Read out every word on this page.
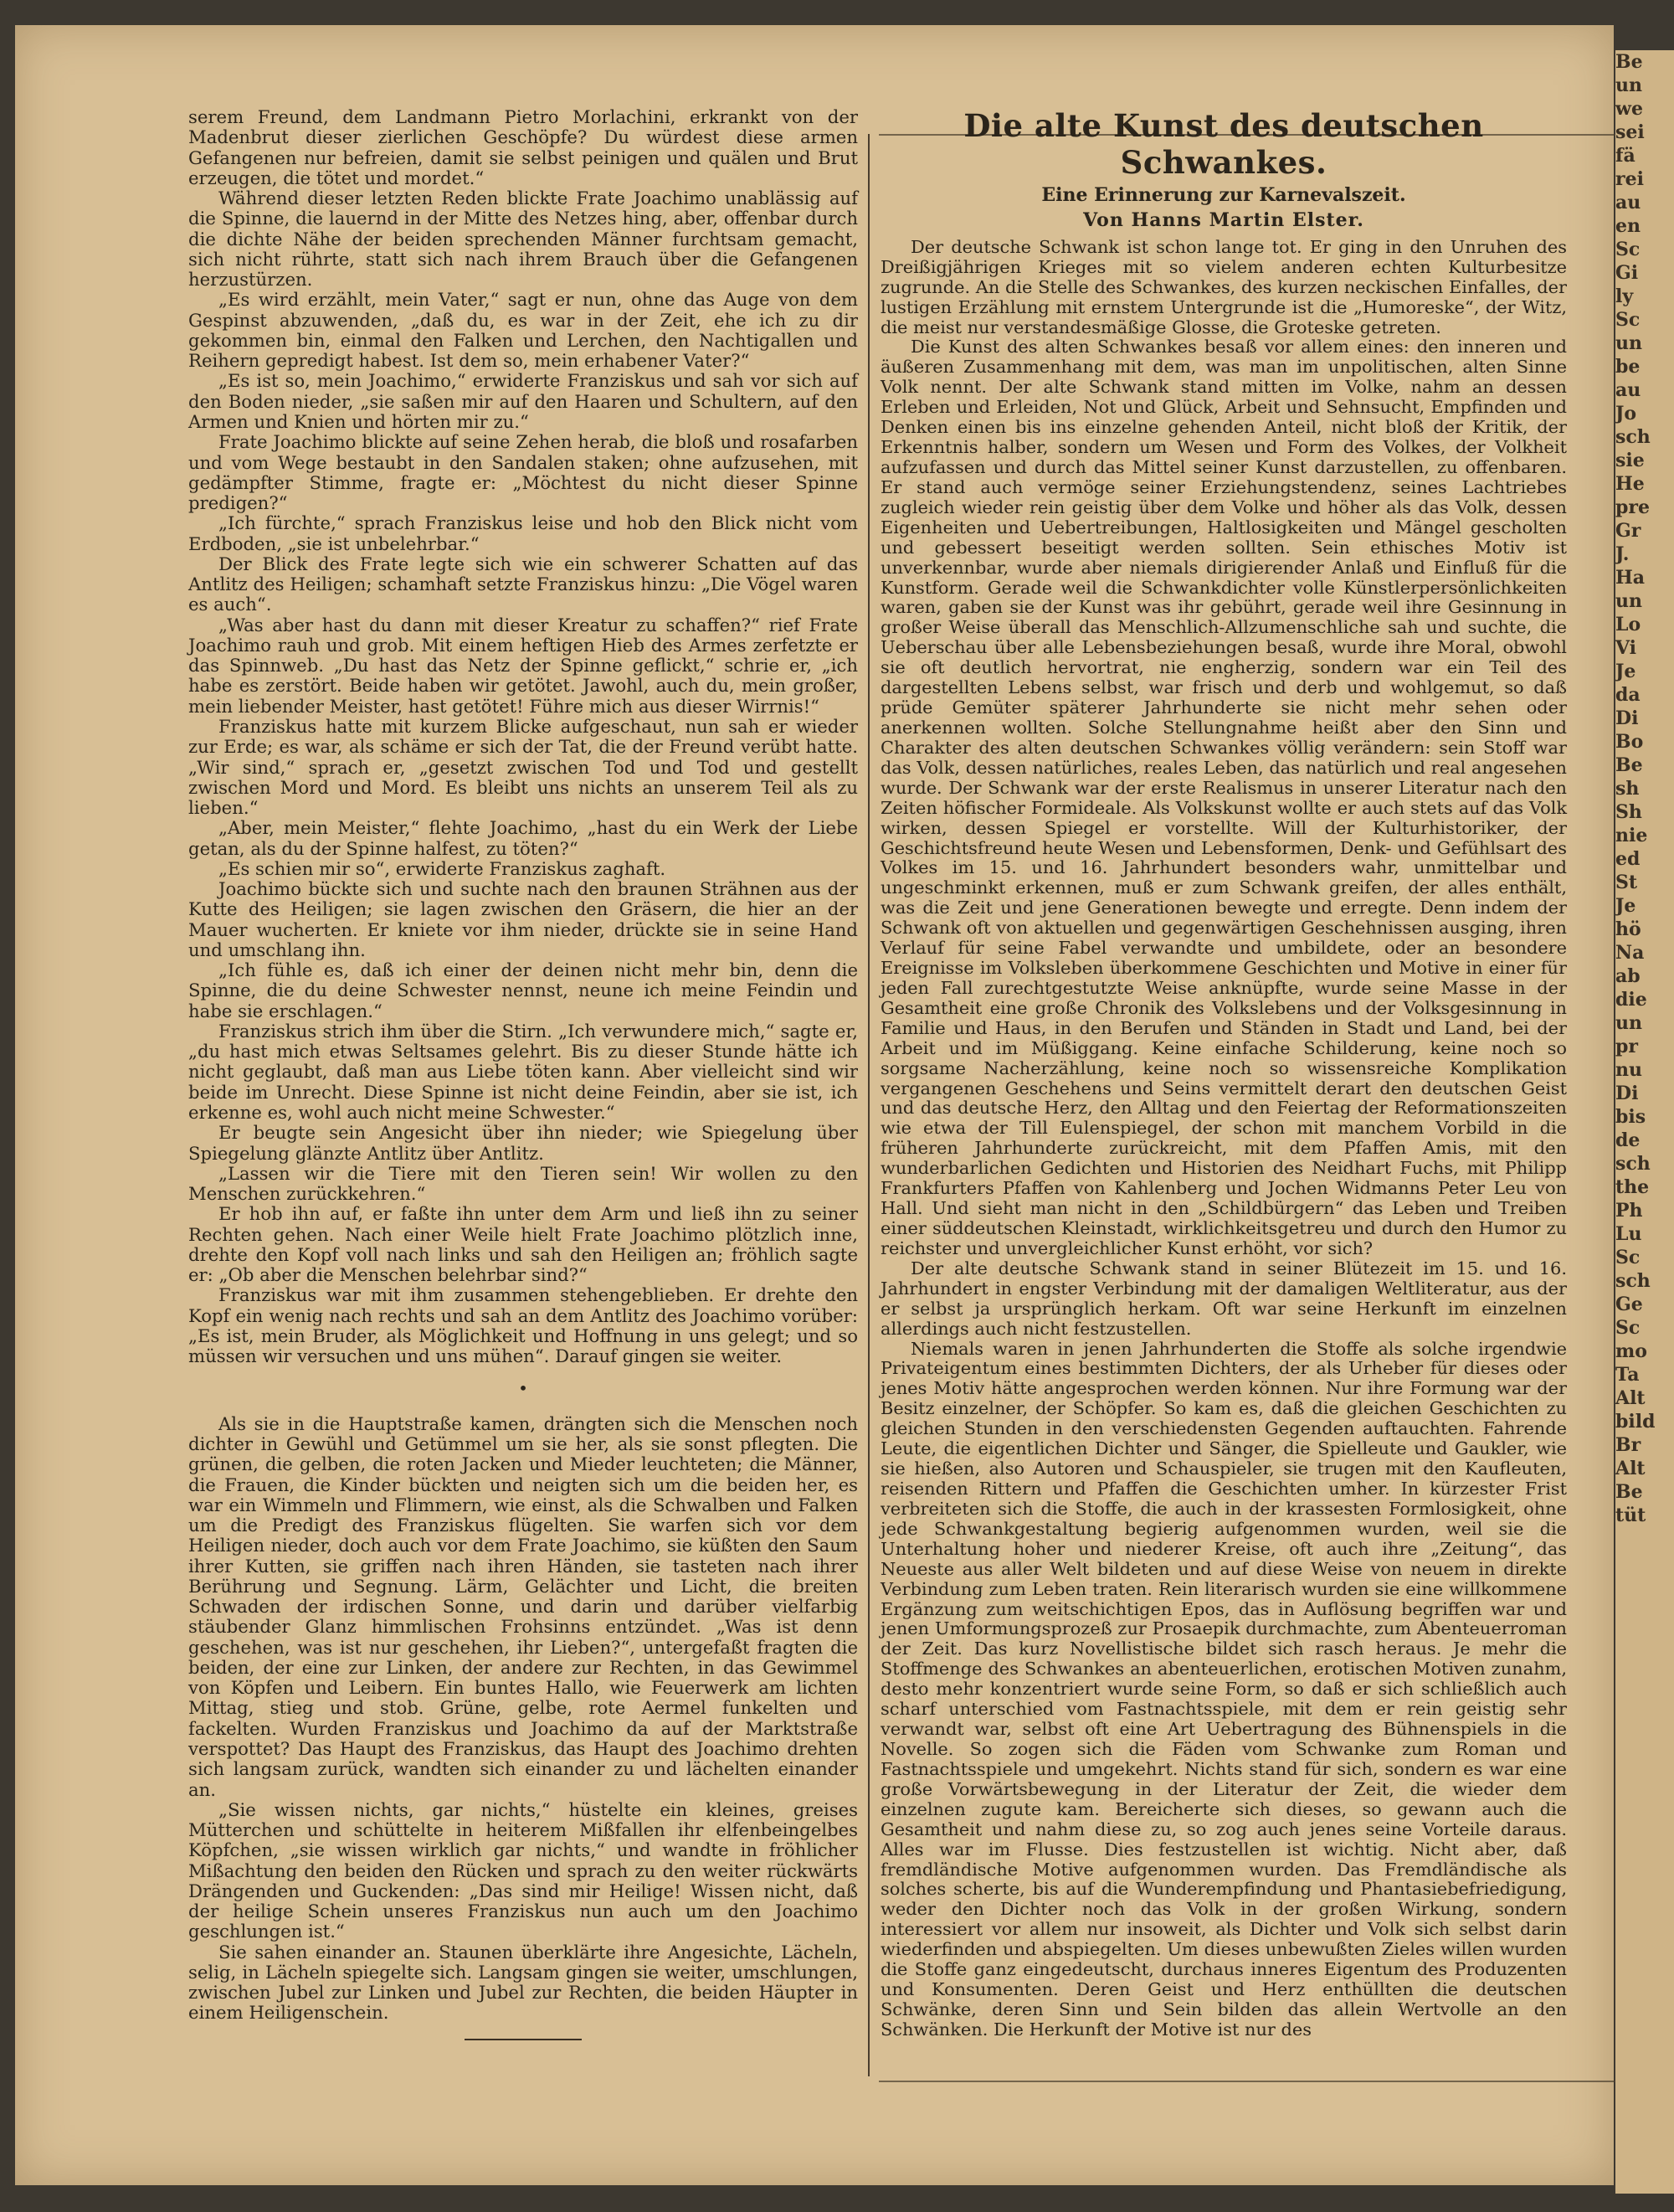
serem Freund, dem Landmann Pietro Morlachini, erkrankt von der Madenbrut dieser zierlichen Geschöpfe? Du würdest diese armen Gefangenen nur befreien, damit sie selbst peinigen und quälen und Brut erzeugen, die tötet und mordet.“

Während dieser letzten Reden blickte Frate Joachimo unablässig auf die Spinne, die lauernd in der Mitte des Netzes hing, aber, offenbar durch die dichte Nähe der beiden sprechenden Männer furchtsam gemacht, sich nicht rührte, statt sich nach ihrem Brauch über die Gefangenen herzustürzen.

„Es wird erzählt, mein Vater,“ sagt er nun, ohne das Auge von dem Gespinst abzuwenden, „daß du, es war in der Zeit, ehe ich zu dir gekommen bin, einmal den Falken und Lerchen, den Nachtigallen und Reihern gepredigt habest. Ist dem so, mein erhabener Vater?“

„Es ist so, mein Joachimo,“ erwiderte Franziskus und sah vor sich auf den Boden nieder, „sie saßen mir auf den Haaren und Schultern, auf den Armen und Knien und hörten mir zu.“

Frate Joachimo blickte auf seine Zehen herab, die bloß und rosafarben und vom Wege bestaubt in den Sandalen staken; ohne aufzusehen, mit gedämpfter Stimme, fragte er: „Möchtest du nicht dieser Spinne predigen?“

„Ich fürchte,“ sprach Franziskus leise und hob den Blick nicht vom Erdboden, „sie ist unbelehrbar.“

Der Blick des Frate legte sich wie ein schwerer Schatten auf das Antlitz des Heiligen; schamhaft setzte Franziskus hinzu: „Die Vögel waren es auch“.

„Was aber hast du dann mit dieser Kreatur zu schaffen?“ rief Frate Joachimo rauh und grob. Mit einem heftigen Hieb des Armes zerfetzte er das Spinnweb. „Du hast das Netz der Spinne geflickt,“ schrie er, „ich habe es zerstört. Beide haben wir getötet. Jawohl, auch du, mein großer, mein liebender Meister, hast getötet! Führe mich aus dieser Wirrnis!“

Franziskus hatte mit kurzem Blicke aufgeschaut, nun sah er wieder zur Erde; es war, als schäme er sich der Tat, die der Freund verübt hatte. „Wir sind,“ sprach er, „gesetzt zwischen Tod und Tod und gestellt zwischen Mord und Mord. Es bleibt uns nichts an unserem Teil als zu lieben.“

„Aber, mein Meister,“ flehte Joachimo, „hast du ein Werk der Liebe getan, als du der Spinne halfest, zu töten?“

„Es schien mir so“, erwiderte Franziskus zaghaft.

Joachimo bückte sich und suchte nach den braunen Strähnen aus der Kutte des Heiligen; sie lagen zwischen den Gräsern, die hier an der Mauer wucherten. Er kniete vor ihm nieder, drückte sie in seine Hand und umschlang ihn.

„Ich fühle es, daß ich einer der deinen nicht mehr bin, denn die Spinne, die du deine Schwester nennst, neune ich meine Feindin und habe sie erschlagen.“

Franziskus strich ihm über die Stirn. „Ich verwundere mich,“ sagte er, „du hast mich etwas Seltsames gelehrt. Bis zu dieser Stunde hätte ich nicht geglaubt, daß man aus Liebe töten kann. Aber vielleicht sind wir beide im Unrecht. Diese Spinne ist nicht deine Feindin, aber sie ist, ich erkenne es, wohl auch nicht meine Schwester.“

Er beugte sein Angesicht über ihn nieder; wie Spiegelung über Spiegelung glänzte Antlitz über Antlitz.

„Lassen wir die Tiere mit den Tieren sein! Wir wollen zu den Menschen zurückkehren.“

Er hob ihn auf, er faßte ihn unter dem Arm und ließ ihn zu seiner Rechten gehen. Nach einer Weile hielt Frate Joachimo plötzlich inne, drehte den Kopf voll nach links und sah den Heiligen an; fröhlich sagte er: „Ob aber die Menschen belehrbar sind?“

Franziskus war mit ihm zusammen stehengeblieben. Er drehte den Kopf ein wenig nach rechts und sah an dem Antlitz des Joachimo vorüber: „Es ist, mein Bruder, als Möglichkeit und Hoffnung in uns gelegt; und so müssen wir versuchen und uns mühen“. Darauf gingen sie weiter.

•

Als sie in die Hauptstraße kamen, drängten sich die Menschen noch dichter in Gewühl und Getümmel um sie her, als sie sonst pflegten. Die grünen, die gelben, die roten Jacken und Mieder leuchteten; die Männer, die Frauen, die Kinder bückten und neigten sich um die beiden her, es war ein Wimmeln und Flimmern, wie einst, als die Schwalben und Falken um die Predigt des Franziskus flügelten. Sie warfen sich vor dem Heiligen nieder, doch auch vor dem Frate Joachimo, sie küßten den Saum ihrer Kutten, sie griffen nach ihren Händen, sie tasteten nach ihrer Berührung und Segnung. Lärm, Gelächter und Licht, die breiten Schwaden der irdischen Sonne, und darin und darüber vielfarbig stäubender Glanz himmlischen Frohsinns entzündet. „Was ist denn geschehen, was ist nur geschehen, ihr Lieben?“, untergefaßt fragten die beiden, der eine zur Linken, der andere zur Rechten, in das Gewimmel von Köpfen und Leibern. Ein buntes Hallo, wie Feuerwerk am lichten Mittag, stieg und stob. Grüne, gelbe, rote Aermel funkelten und fackelten. Wurden Franziskus und Joachimo da auf der Marktstraße verspottet? Das Haupt des Franziskus, das Haupt des Joachimo drehten sich langsam zurück, wandten sich einander zu und lächelten einander an.

„Sie wissen nichts, gar nichts,“ hüstelte ein kleines, greises Mütterchen und schüttelte in heiterem Mißfallen ihr elfenbeingelbes Köpfchen, „sie wissen wirklich gar nichts,“ und wandte in fröhlicher Mißachtung den beiden den Rücken und sprach zu den weiter rückwärts Drängenden und Guckenden: „Das sind mir Heilige! Wissen nicht, daß der heilige Schein unseres Franziskus nun auch um den Joachimo geschlungen ist.“

Sie sahen einander an. Staunen überklärte ihre Angesichte, Lächeln, selig, in Lächeln spiegelte sich. Langsam gingen sie weiter, umschlungen, zwischen Jubel zur Linken und Jubel zur Rechten, die beiden Häupter in einem Heiligenschein.

Die alte Kunst des deutschen Schwankes.
Eine Erinnerung zur Karnevalszeit.
Von Hanns Martin Elster.

Der deutsche Schwank ist schon lange tot. Er ging in den Unruhen des Dreißigjährigen Krieges mit so vielem anderen echten Kulturbesitze zugrunde. An die Stelle des Schwankes, des kurzen neckischen Einfalles, der lustigen Erzählung mit ernstem Untergrunde ist die „Humoreske“, der Witz, die meist nur verstandesmäßige Glosse, die Groteske getreten.

Die Kunst des alten Schwankes besaß vor allem eines: den inneren und äußeren Zusammenhang mit dem, was man im unpolitischen, alten Sinne Volk nennt. Der alte Schwank stand mitten im Volke, nahm an dessen Erleben und Erleiden, Not und Glück, Arbeit und Sehnsucht, Empfinden und Denken einen bis ins einzelne gehenden Anteil, nicht bloß der Kritik, der Erkenntnis halber, sondern um Wesen und Form des Volkes, der Volkheit aufzufassen und durch das Mittel seiner Kunst darzustellen, zu offenbaren. Er stand auch vermöge seiner Erziehungstendenz, seines Lachtriebes zugleich wieder rein geistig über dem Volke und höher als das Volk, dessen Eigenheiten und Uebertreibungen, Haltlosigkeiten und Mängel gescholten und gebessert beseitigt werden sollten. Sein ethisches Motiv ist unverkennbar, wurde aber niemals dirigierender Anlaß und Einfluß für die Kunstform. Gerade weil die Schwankdichter volle Künstlerpersönlichkeiten waren, gaben sie der Kunst was ihr gebührt, gerade weil ihre Gesinnung in großer Weise überall das Menschlich-Allzumenschliche sah und suchte, die Ueberschau über alle Lebensbeziehungen besaß, wurde ihre Moral, obwohl sie oft deutlich hervortrat, nie engherzig, sondern war ein Teil des dargestellten Lebens selbst, war frisch und derb und wohlgemut, so daß prüde Gemüter späterer Jahrhunderte sie nicht mehr sehen oder anerkennen wollten. Solche Stellungnahme heißt aber den Sinn und Charakter des alten deutschen Schwankes völlig verändern: sein Stoff war das Volk, dessen natürliches, reales Leben, das natürlich und real angesehen wurde. Der Schwank war der erste Realismus in unserer Literatur nach den Zeiten höfischer Formideale. Als Volkskunst wollte er auch stets auf das Volk wirken, dessen Spiegel er vorstellte. Will der Kulturhistoriker, der Geschichtsfreund heute Wesen und Lebensformen, Denk- und Gefühlsart des Volkes im 15. und 16. Jahrhundert besonders wahr, unmittelbar und ungeschminkt erkennen, muß er zum Schwank greifen, der alles enthält, was die Zeit und jene Generationen bewegte und erregte. Denn indem der Schwank oft von aktuellen und gegenwärtigen Geschehnissen ausging, ihren Verlauf für seine Fabel verwandte und umbildete, oder an besondere Ereignisse im Volksleben überkommene Geschichten und Motive in einer für jeden Fall zurechtgestutzte Weise anknüpfte, wurde seine Masse in der Gesamtheit eine große Chronik des Volkslebens und der Volksgesinnung in Familie und Haus, in den Berufen und Ständen in Stadt und Land, bei der Arbeit und im Müßiggang. Keine einfache Schilderung, keine noch so sorgsame Nacherzählung, keine noch so wissensreiche Komplikation vergangenen Geschehens und Seins vermittelt derart den deutschen Geist und das deutsche Herz, den Alltag und den Feiertag der Reformationszeiten wie etwa der Till Eulenspiegel, der schon mit manchem Vorbild in die früheren Jahrhunderte zurückreicht, mit dem Pfaffen Amis, mit den wunderbarlichen Gedichten und Historien des Neidhart Fuchs, mit Philipp Frankfurters Pfaffen von Kahlenberg und Jochen Widmanns Peter Leu von Hall. Und sieht man nicht in den „Schildbürgern“ das Leben und Treiben einer süddeutschen Kleinstadt, wirklichkeitsgetreu und durch den Humor zu reichster und unvergleichlicher Kunst erhöht, vor sich?

Der alte deutsche Schwank stand in seiner Blütezeit im 15. und 16. Jahrhundert in engster Verbindung mit der damaligen Weltliteratur, aus der er selbst ja ursprünglich herkam. Oft war seine Herkunft im einzelnen allerdings auch nicht festzustellen.

Niemals waren in jenen Jahrhunderten die Stoffe als solche irgendwie Privateigentum eines bestimmten Dichters, der als Urheber für dieses oder jenes Motiv hätte angesprochen werden können. Nur ihre Formung war der Besitz einzelner, der Schöpfer. So kam es, daß die gleichen Geschichten zu gleichen Stunden in den verschiedensten Gegenden auftauchten. Fahrende Leute, die eigentlichen Dichter und Sänger, die Spielleute und Gaukler, wie sie hießen, also Autoren und Schauspieler, sie trugen mit den Kaufleuten, reisenden Rittern und Pfaffen die Geschichten umher. In kürzester Frist verbreiteten sich die Stoffe, die auch in der krassesten Formlosigkeit, ohne jede Schwankgestaltung begierig aufgenommen wurden, weil sie die Unterhaltung hoher und niederer Kreise, oft auch ihre „Zeitung“, das Neueste aus aller Welt bildeten und auf diese Weise von neuem in direkte Verbindung zum Leben traten. Rein literarisch wurden sie eine willkommene Ergänzung zum weitschichtigen Epos, das in Auflösung begriffen war und jenen Umformungsprozeß zur Prosaepik durchmachte, zum Abenteuerroman der Zeit. Das kurz Novellistische bildet sich rasch heraus. Je mehr die Stoffmenge des Schwankes an abenteuerlichen, erotischen Motiven zunahm, desto mehr konzentriert wurde seine Form, so daß er sich schließlich auch scharf unterschied vom Fastnachtsspiele, mit dem er rein geistig sehr verwandt war, selbst oft eine Art Uebertragung des Bühnenspiels in die Novelle. So zogen sich die Fäden vom Schwanke zum Roman und Fastnachtsspiele und umgekehrt. Nichts stand für sich, sondern es war eine große Vorwärtsbewegung in der Literatur der Zeit, die wieder dem einzelnen zugute kam. Bereicherte sich dieses, so gewann auch die Gesamtheit und nahm diese zu, so zog auch jenes seine Vorteile daraus. Alles war im Flusse. Dies festzustellen ist wichtig. Nicht aber, daß fremdländische Motive aufgenommen wurden. Das Fremdländische als solches scherte, bis auf die Wunderempfindung und Phantasiebefriedigung, weder den Dichter noch das Volk in der großen Wirkung, sondern interessiert vor allem nur insoweit, als Dichter und Volk sich selbst darin wiederfinden und abspiegelten. Um dieses unbewußten Zieles willen wurden die Stoffe ganz eingedeutscht, durchaus inneres Eigentum des Produzenten und Konsumenten. Deren Geist und Herz enthüllten die deutschen Schwänke, deren Sinn und Sein bilden das allein Wertvolle an den Schwänken. Die Herkunft der Motive ist nur des

Be
un
we
sei
fä
rei
au
en
Sc
Gi
ly
Sc
un
be
au
Jo
sch
sie
He
pre
Gr
J.
Ha
un
Lo
Vi
Je
da
Di
Bo
Be
sh
Sh
nie
ed
St
Je
hö
Na
ab
die
un
pr
nu
Di
bis
de
sch
the
Ph
Lu
Sc
sch
Ge
Sc
mo
Ta
Alt
bild
Br
Alt
Be
tüt
